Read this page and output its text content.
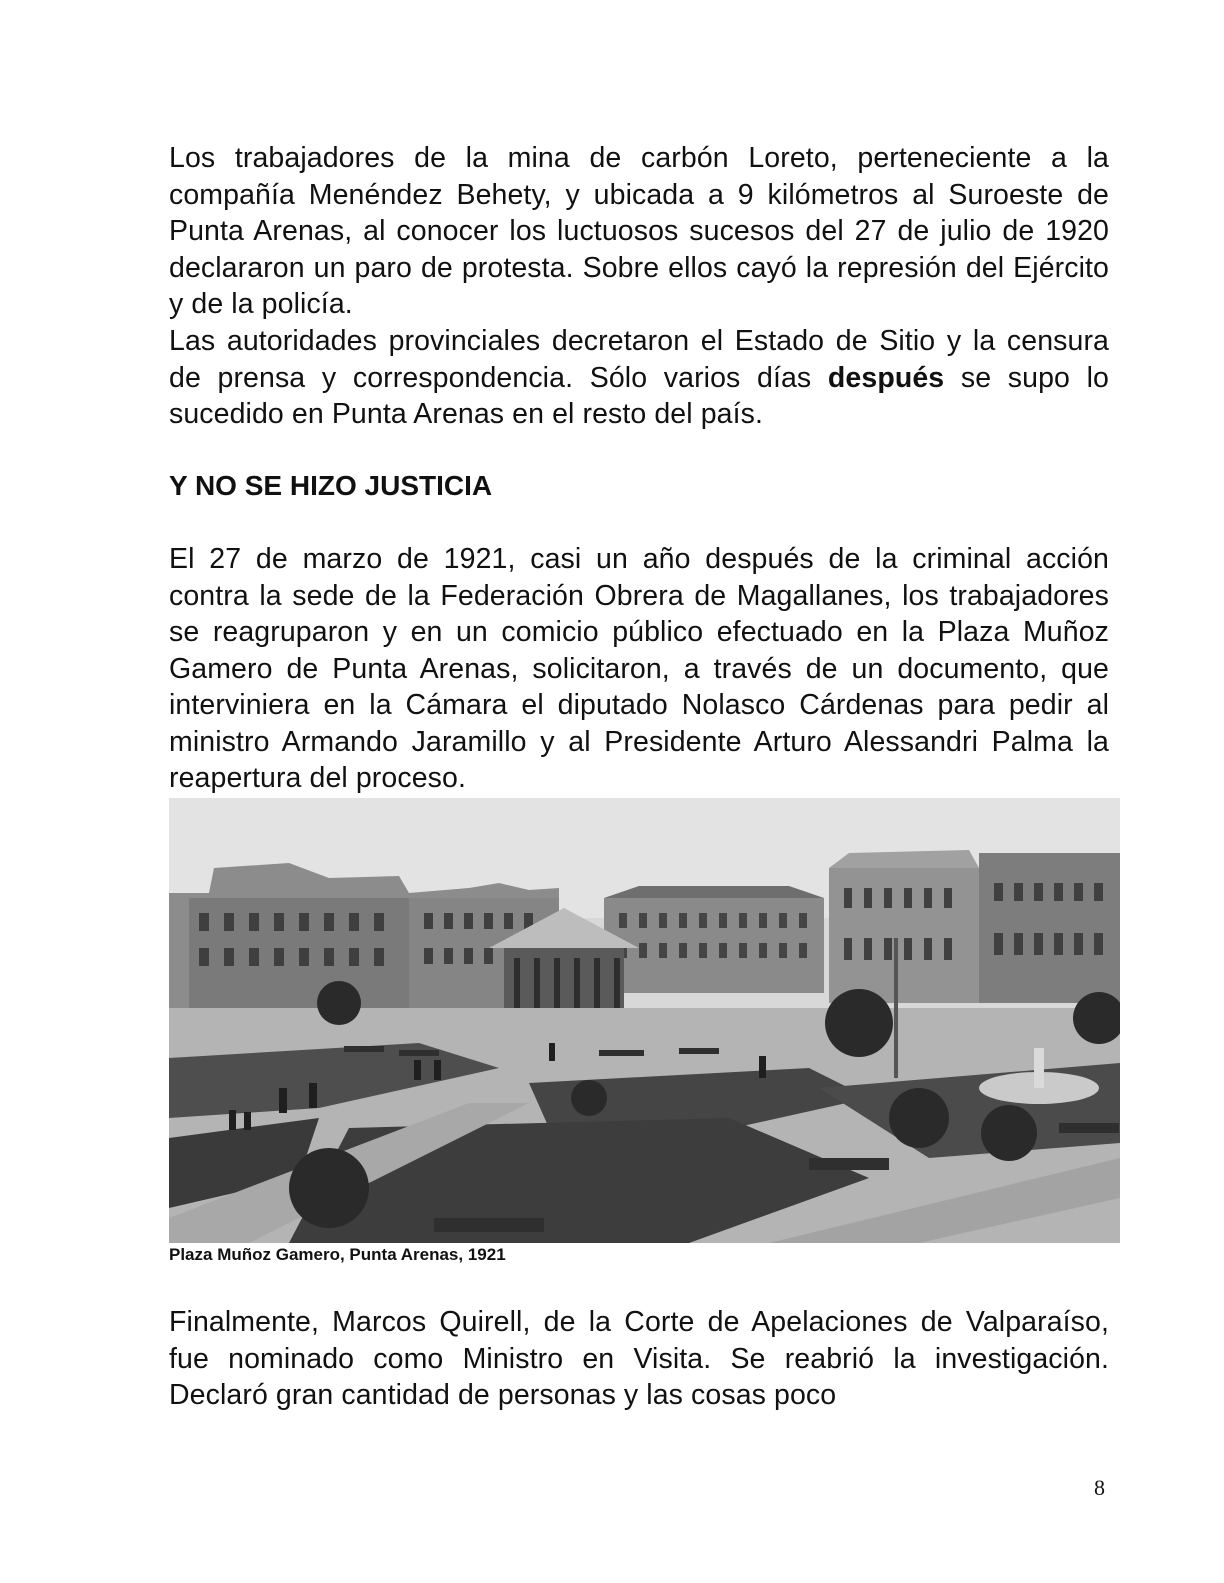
Los trabajadores de la mina de carbón Loreto, perteneciente a la compañía Menéndez Behety, y ubicada a 9 kilómetros al Suroeste de Punta Arenas, al conocer los luctuosos sucesos del 27 de julio de 1920 declararon un paro de protesta. Sobre ellos cayó la represión del Ejército y de la policía.

Las autoridades provinciales decretaron el Estado de Sitio y la censura de prensa y correspondencia. Sólo varios días después se supo lo sucedido en Punta Arenas en el resto del país.

Y NO SE HIZO JUSTICIA

El 27 de marzo de 1921, casi un año después de la criminal acción contra la sede de la Federación Obrera de Magallanes, los trabajadores se reagruparon y en un comicio público efectuado en la Plaza Muñoz Gamero de Punta Arenas, solicitaron, a través de un documento, que interviniera en la Cámara el diputado Nolasco Cárdenas para pedir al ministro Armando Jaramillo y al Presidente Arturo Alessandri Palma la reapertura del proceso.

Plaza Muñoz Gamero, Punta Arenas, 1921

Finalmente, Marcos Quirell, de la Corte de Apelaciones de Valparaíso, fue nominado como Ministro en Visita. Se reabrió la investigación. Declaró gran cantidad de personas y las cosas poco

8
